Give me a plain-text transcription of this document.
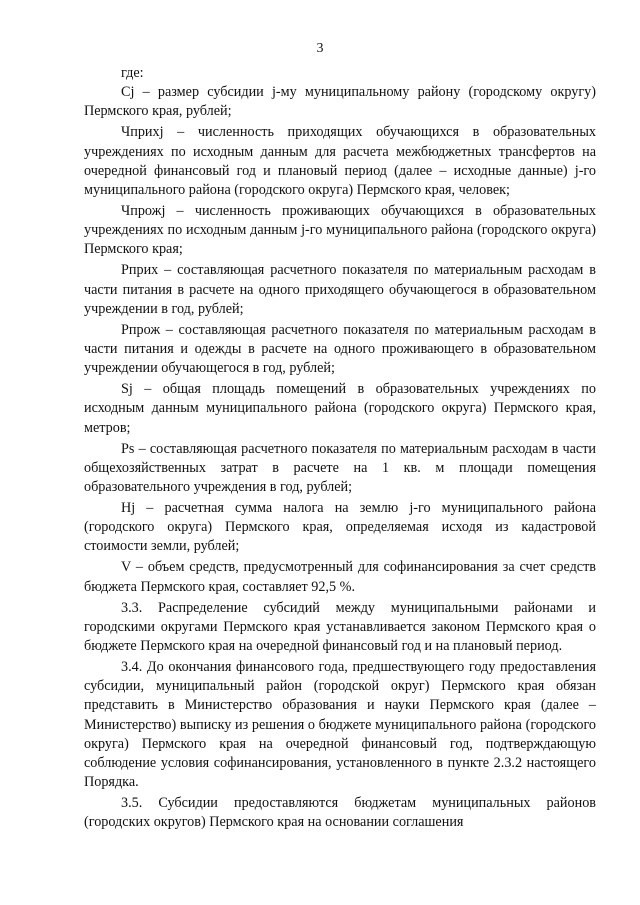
3

где:

Cj – размер субсидии j-му муниципальному району (городскому округу) Пермского края, рублей;

Чприхj – численность приходящих обучающихся в образовательных учреждениях по исходным данным для расчета межбюджетных трансфертов на очередной финансовый год и плановый период (далее – исходные данные) j-го муниципального района (городского округа) Пермского края, человек;

Чпрожj – численность проживающих обучающихся в образовательных учреждениях по исходным данным j-го муниципального района (городского округа) Пермского края;

Рприх – составляющая расчетного показателя по материальным расходам в части питания в расчете на одного приходящего обучающегося в образовательном учреждении в год, рублей;

Рпрож – составляющая расчетного показателя по материальным расходам в части питания и одежды в расчете на одного проживающего в образовательном учреждении обучающегося в год, рублей;

Sj – общая площадь помещений в образовательных учреждениях по исходным данным муниципального района (городского округа) Пермского края, метров;

Ps – составляющая расчетного показателя по материальным расходам в части общехозяйственных затрат в расчете на 1 кв. м площади помещения образовательного учреждения в год, рублей;

Hj – расчетная сумма налога на землю j-го муниципального района (городского округа) Пермского края, определяемая исходя из кадастровой стоимости земли, рублей;

V – объем средств, предусмотренный для софинансирования за счет средств бюджета Пермского края, составляет 92,5 %.

3.3. Распределение субсидий между муниципальными районами и городскими округами Пермского края устанавливается законом Пермского края о бюджете Пермского края на очередной финансовый год и на плановый период.

3.4. До окончания финансового года, предшествующего году предоставления субсидии, муниципальный район (городской округ) Пермского края обязан представить в Министерство образования и науки Пермского края (далее – Министерство) выписку из решения о бюджете муниципального района (городского округа) Пермского края на очередной финансовый год, подтверждающую соблюдение условия софинансирования, установленного в пункте 2.3.2 настоящего Порядка.

3.5. Субсидии предоставляются бюджетам муниципальных районов (городских округов) Пермского края на основании соглашения
